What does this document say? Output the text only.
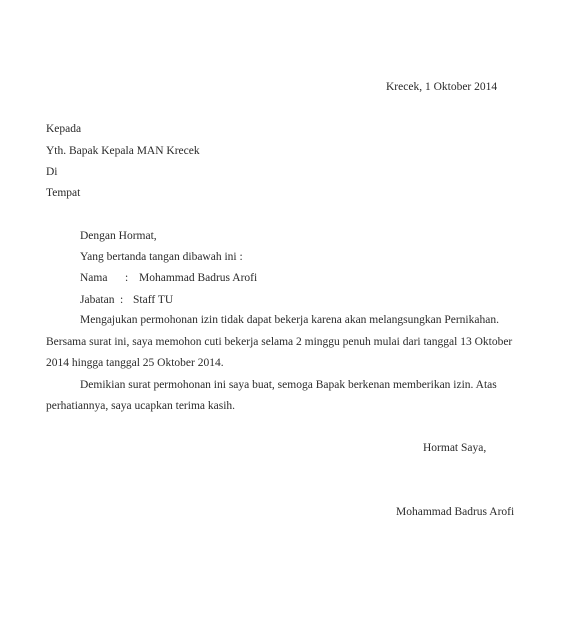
Krecek, 1 Oktober 2014
Kepada
Yth. Bapak Kepala MAN Krecek
Di
Tempat
Dengan Hormat,
Yang bertanda tangan dibawah ini :
Nama : Mohammad Badrus Arofi
Jabatan : Staff TU
Mengajukan permohonan izin tidak dapat bekerja karena akan melangsungkan Pernikahan.
Bersama surat ini, saya memohon cuti bekerja selama 2 minggu penuh mulai dari tanggal 13 Oktober
2014 hingga tanggal 25 Oktober 2014.
Demikian surat permohonan ini saya buat, semoga Bapak berkenan memberikan izin. Atas
perhatiannya, saya ucapkan terima kasih.
Hormat Saya,
Mohammad Badrus Arofi
